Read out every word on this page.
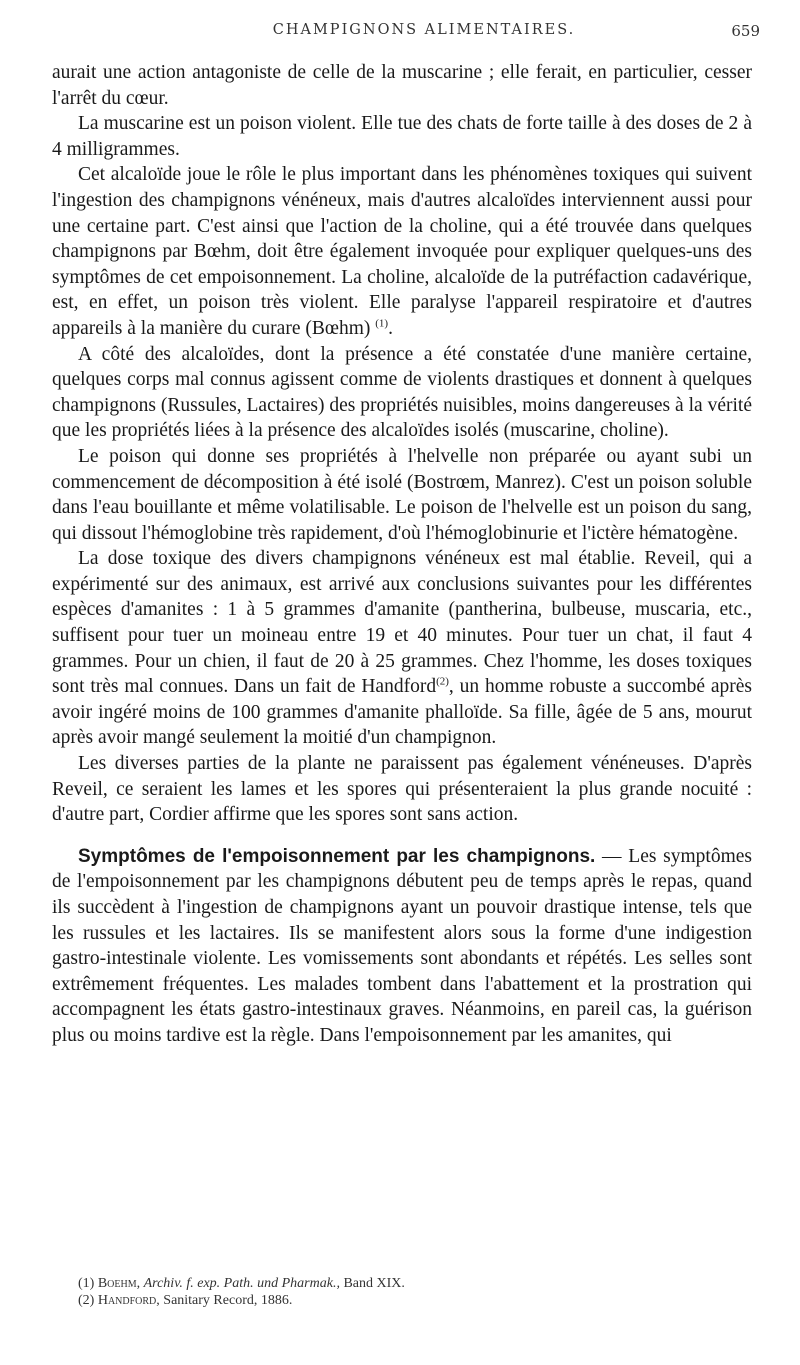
CHAMPIGNONS ALIMENTAIRES.	659

aurait une action antagoniste de celle de la muscarine ; elle ferait, en particulier, cesser l'arrêt du cœur.

La muscarine est un poison violent. Elle tue des chats de forte taille à des doses de 2 à 4 milligrammes.

Cet alcaloïde joue le rôle le plus important dans les phénomènes toxiques qui suivent l'ingestion des champignons vénéneux, mais d'autres alcaloïdes interviennent aussi pour une certaine part. C'est ainsi que l'action de la choline, qui a été trouvée dans quelques champignons par Bœhm, doit être également invoquée pour expliquer quelques-uns des symptômes de cet empoisonnement. La choline, alcaloïde de la putréfaction cadavérique, est, en effet, un poison très violent. Elle paralyse l'appareil respiratoire et d'autres appareils à la manière du curare (Bœhm) $^{(1)}$.

A côté des alcaloïdes, dont la présence a été constatée d'une manière certaine, quelques corps mal connus agissent comme de violents drastiques et donnent à quelques champignons (Russules, Lactaires) des propriétés nuisibles, moins dangereuses à la vérité que les propriétés liées à la présence des alcaloïdes isolés (muscarine, choline).

Le poison qui donne ses propriétés à l'helvelle non préparée ou ayant subi un commencement de décomposition à été isolé (Bostrœm, Manrez). C'est un poison soluble dans l'eau bouillante et même volatilisable. Le poison de l'helvelle est un poison du sang, qui dissout l'hémoglobine très rapidement, d'où l'hémoglobinurie et l'ictère hématogène.

La dose toxique des divers champignons vénéneux est mal établie. Reveil, qui a expérimenté sur des animaux, est arrivé aux conclusions suivantes pour les différentes espèces d'amanites : 1 à 5 grammes d'amanite (pantherina, bulbeuse, muscaria, etc., suffisent pour tuer un moineau entre 19 et 40 minutes. Pour tuer un chat, il faut 4 grammes. Pour un chien, il faut de 20 à 25 grammes. Chez l'homme, les doses toxiques sont très mal connues. Dans un fait de Handford$^{(2)}$, un homme robuste a succombé après avoir ingéré moins de 100 grammes d'amanite phalloïde. Sa fille, âgée de 5 ans, mourut après avoir mangé seulement la moitié d'un champignon.

Les diverses parties de la plante ne paraissent pas également vénéneuses. D'après Reveil, ce seraient les lames et les spores qui présenteraient la plus grande nocuité : d'autre part, Cordier affirme que les spores sont sans action.

Symptômes de l'empoisonnement par les champignons. — Les symptômes de l'empoisonnement par les champignons débutent peu de temps après le repas, quand ils succèdent à l'ingestion de champignons ayant un pouvoir drastique intense, tels que les russules et les lactaires. Ils se manifestent alors sous la forme d'une indigestion gastro-intestinale violente. Les vomissements sont abondants et répétés. Les selles sont extrêmement fréquentes. Les malades tombent dans l'abattement et la prostration qui accompagnent les états gastro-intestinaux graves. Néanmoins, en pareil cas, la guérison plus ou moins tardive est la règle. Dans l'empoisonnement par les amanites, qui

(1) Boehm, Archiv. f. exp. Path. und Pharmak., Band XIX.
(2) Handford, Sanitary Record, 1886.
